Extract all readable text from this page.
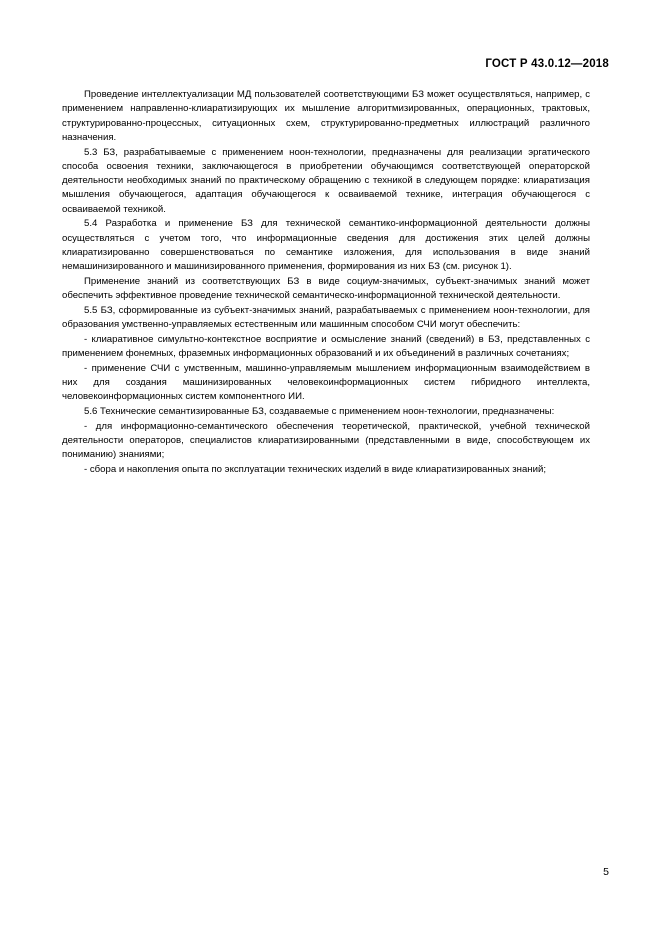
ГОСТ Р 43.0.12—2018

Проведение интеллектуализации МД пользователей соответствующими БЗ может осуществляться, например, с применением направленно-клиаратизирующих их мышление алгоритмизированных, операционных, трактовых, структурированно-процессных, ситуационных схем, структурированно-предметных иллюстраций различного назначения.

5.3 БЗ, разрабатываемые с применением ноон-технологии, предназначены для реализации эргатического способа освоения техники, заключающегося в приобретении обучающимся соответствующей операторской деятельности необходимых знаний по практическому обращению с техникой в следующем порядке: клиаратизация мышления обучающегося, адаптация обучающегося к осваиваемой технике, интеграция обучающегося с осваиваемой техникой.

5.4 Разработка и применение БЗ для технической семантико-информационной деятельности должны осуществляться с учетом того, что информационные сведения для достижения этих целей должны клиаратизированно совершенствоваться по семантике изложения, для использования в виде знаний немашинизированного и машинизированного применения, формирования из них БЗ (см. рисунок 1).

Применение знаний из соответствующих БЗ в виде социум-значимых, субъект-значимых знаний может обеспечить эффективное проведение технической семантическо-информационной технической деятельности.

5.5 БЗ, сформированные из субъект-значимых знаний, разрабатываемых с применением ноон-технологии, для образования умственно-управляемых естественным или машинным способом СЧИ могут обеспечить:

- клиаративное симультно-контекстное восприятие и осмысление знаний (сведений) в БЗ, представленных с применением фонемных, фраземных информационных образований и их объединений в различных сочетаниях;

- применение СЧИ с умственным, машинно-управляемым мышлением информационным взаимодействием в них для создания машинизированных человекоинформационных систем гибридного интеллекта, человекоинформационных систем компонентного ИИ.

5.6 Технические семантизированные БЗ, создаваемые с применением ноон-технологии, предназначены:

- для информационно-семантического обеспечения теоретической, практической, учебной технической деятельности операторов, специалистов клиаратизированными (представленными в виде, способствующем их пониманию) знаниями;

- сбора и накопления опыта по эксплуатации технических изделий в виде клиаратизированных знаний;

5
